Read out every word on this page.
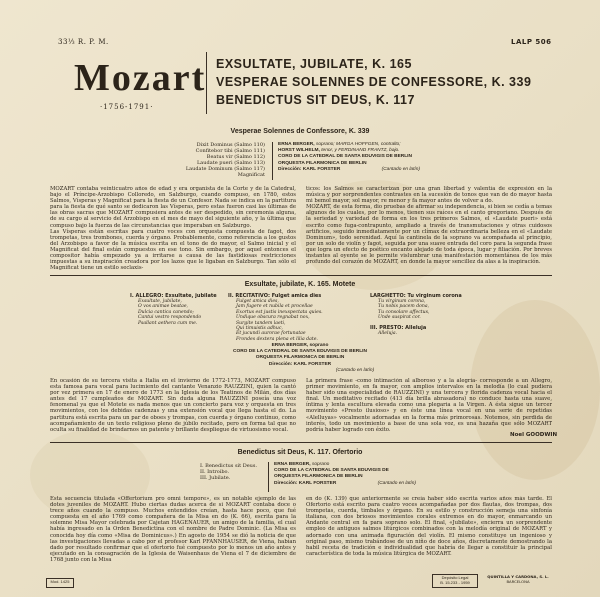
33⅓ R. P. M.	LALP 506
Mozart
·1756-1791·
EXSULTATE, JUBILATE, K. 165
VESPERAE SOLENNES DE CONFESSORE, K. 339
BENEDICTUS SIT DEUS, K. 117
Vesperae Solennes de Confessore, K. 339
Dixit Dominus (Salmo 110)
Confitebor tibi (Salmo 111)
Beatus vir (Salmo 112)
Laudate pueri (Salmo 113)
Laudate Dominum (Salmo 117)
Magnificat
ERNA BERGER, soprano; MARGA HOFFGEN, contralto;
HORST WILHELM, tenor, y FERDINAND FRANTZ, bajo.
CORO DE LA CATEDRAL DE SANTA EDUVIGIS DE BERLIN
ORQUESTA FILARMONICA DE BERLIN
Dirección: KARL FORSTER	(Cantado en latín)
MOZART contaba veinticuatro años de edad y era organista de la Corte y de la Catedral, bajo el Príncipe-Arzobispo Colloredo, en Salzburgo, cuando compuso, en 1780, estos Salmos, Vísperas y Magnificat para la fiesta de un Confesor. Nada se indica en la partitura para la fiesta de qué santo se dedicaron las Vísperas, pero estas fueron casi las últimas de las obras sacras que MOZART compusiera antes de ser despedido, sin ceremonia alguna, de su cargo al servicio del Arzobispo en el mes de mayo del siguiente año, y la última que compuso bajo la fuerza de las circunstancias que imperaban en Salzburgo.
Las Vísperas están escritas para cuatro voces con orquesta compuesta de fagot, dos trompetas, tres trombones, cuerda y órgano. Probablemente, como referencia a los gustos del Arzobispo a favor de la música escrita en el tono de do mayor, el Salmo inicial y el Magnificat del final están compuestos en ese tono. Sin embargo, por aquel entonces el compositor había empezado ya a irritarse a causa de las fastidiosas restricciones impuestas a su inspiración creadora por los lazos que le ligaban en Salzburgo. Tan sólo el Magnificat tiene un estilo seclaxis-
ticos: los Salmos se caracterizan por una gran libertad y valentía de expresión en la música y por sorprendentes contrastes en la sucesión de tonos que van de do mayor hasta mi bemol mayor, sol mayor, re menor y fa mayor antes de volver a do.
MOZART, de esta forma, dio pruebas de afirmar su independencia, si bien se cedía a temas algunos de los cuales, por lo menos, tienen sus raíces en el canto gregoriano. Después de la seriedad y variedad de forma en los tres primeros Salmos, el «Laudate pueri» está escrito como fuga-contrapunto, ampliado a través de transmutaciones y otras cuidosos artificios, seguido inmediatamente por un clímax de extraordinaria belleza en el «Laudate Dominum», todo serenidad. Aquí la cantinela de la soprano va acompañada al principio, por un solo de violín y fagot, seguida por una suave entrada del coro para la segunda frase que logra un efecto de poético encanto alejado de toda época, lugar y filiación. Por breves instantes al oyente se le permite vislumbrar una manifestación momentánea de los más profundo del corazón de MOZART, en donde la mayor sencillez da alas a la inspiración.
Exsultate, jubilate, K. 165. Motete
I. ALLEGRO: Exsultate, jubilate
Exsultate, jubilate,
O vos animae beatae,
Dulcia cantica canendo;
Cantui vestro respondendo
Psallant aethera cum me.
II. RECITATIVO: Fulget amica dies
Fulget amica dies,
Jam fugere et nubila et procellae
Exortus est justis inexspectata quies.
Undique obscura regnabat nox,
Surgite tandem laeti,
Qui timuistis adhuc,
Et jucundi aurorae fortunatae
Frondes dextera plena et lilia date.
LARGHETTO: Tu virginum corona
Tu virginum corona,
Tu nobis pacem dona,
Tu consolare affectus,
Unde suspirat cor.
III. PRESTO: Alleluja
Alleluja.
ERNA BERGER, soprano
CORO DE LA CATEDRAL DE SANTA EDUVIGIS DE BERLIN
ORQUESTA FILARMONICA DE BERLIN
Dirección: KARL FORSTER
(Cantado en latín)
En ocasión de su tercera visita a Italia en el invierno de 1772-1773, MOZART compuso esta famosa para vocal para lucimiento del cantante Venanzio RAUZZINI, quien la cantó por vez primera en 17 de enero de 1773 en la Iglesia de los Teatinos de Milán, dos días antes del 17 cumpleaños de MOZART. Sin duda alguna RAUZZINI poseía una voz fenomenal ya que el Motete es nada menos que un concierto para voz y orquesta en tres movimientos, con los debidas cadenzas y una extensión vocal que llega hasta el do. La partitura está escrita para un par de oboes y trompas, con cuerda y órgano continuo, como acompañamiento de un texto religioso pleno de júbilo recitado, pero en forma tal que no oculta su finalidad de brindarnos un patente y brillante despliegue de virtuosismo vocal.
La primera frase -como intimación al alboroso y a la alegría- corresponde a un Allegro, primer movimiento, en fa mayor, con amplios intervalos en la melodía (lo cual pudiera haber sido una especialidad de RAUZZINI) y una tercera y florida cadenza vocal hacia el final. Un meditativo recitado (413 día brilla abrasadora) no conduce hasta una suave, íntima y lenta escultura elevada como una plegaria a la Virgen. A ésta sigue un tercer movimiento «Presto ilusioso» y en éste una línea vocal en una serie de repetidas «Alelluyas» vocalmente adornadas en la forma más primorosas. Notemos, sin perdida de interés, todo un movimiento a base de una sola voz, es una hazaña que sólo MOZART podría haber logrado con éxito.
Noel GOODWIN
Benedictus sit Deus, K. 117. Ofertorio
I. Benedictus sit Deus.
II. Introibo.
III. Jubilate.
ERNA BERGER, soprano
CORO DE LA CATEDRAL DE SANTA EDUVIGIS DE
ORQUESTA FILARMONICA DE BERLIN
Dirección: KARL FORSTER	(Cantado en latín)
Esta secuencia titulada «Offertorium pro omni tempore», es un notable ejemplo de las dotes juveniles de MOZART. Hubo ciertas dudas acerca de si MOZART contaba doce o trece años cuando la compuso. Muchos entendidos creían, hasta hace poco, que fué compuesta en el año 1769 como compañera de la Misa en do (K. 66), escrita para la solemne Misa Mayor celebrada por Cajetan HAGENAUER, un amigo de la familia, el cual había ingresado en la Orden Benedictina con el nombre de Padre Dominic. (La Misa es conocida hoy día como «Misa de Dominicus».) En agosto de 1954 se dió la noticia de que las investigaciones llevadas a cabo por el profesor Karl PFANNHAUSER, de Viena, habían dado por resultado confirmar que el ofertorio fué compuesto por lo menos un año antes y ejecutado en la consagración de la Iglesia de Waisenhaus de Viena el 7 de diciembre de 1768 junto con la Misa
en do (K. 139) que anteriormente se creía haber sido escrita varios años más tarde. El Ofertorio está escrito para cuatro voces acompañadas por dos flautas, dos trompas, dos trompetas, cuerda, timbales y órgano. En su estilo y construcción semeja una sinfonía italiana, con dos briosos movimientos corales extremos en do mayor, enmarcando un Andante central en fa para soprano solo. El final, «Jubilate», encierra un sorprendente empleo de antiguos salmos litúrgicos combinados con la melodía original de MOZART y adornado con una animada figuración del violín. El mismo constituye un ingenioso y original paso, mismo trabándose de un niño de doce años, discretamente demostrando la habil receta de tradición e individualidad que habría de llegar a constituir la principal característica de toda la música litúrgica de MOZART.
Mod. 1425
Depósito Legal
B. 15.233 - 1959
QUINTILLA Y CARDONA, S. L.
BARCELONA
